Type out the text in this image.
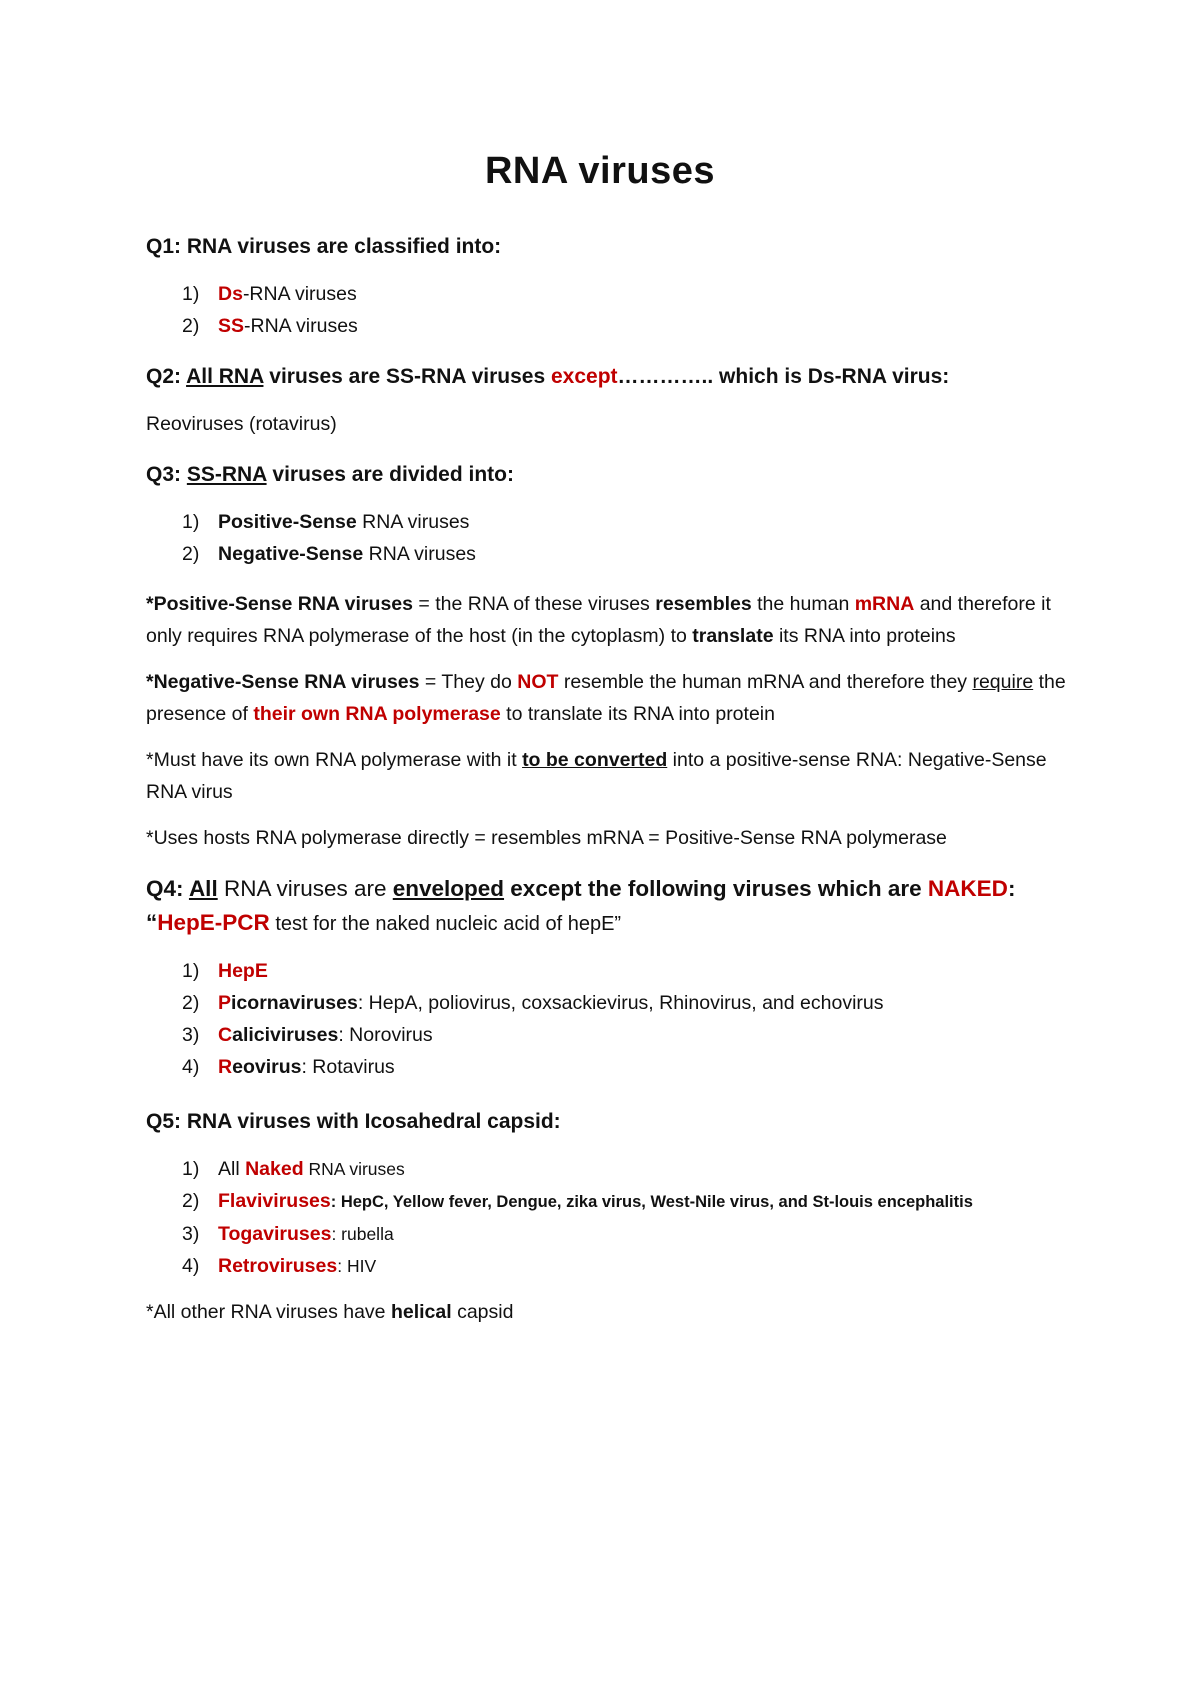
RNA viruses

Q1: RNA viruses are classified into:

1) Ds-RNA viruses
2) SS-RNA viruses

Q2: All RNA viruses are SS-RNA viruses except………….. which is Ds-RNA virus:

Reoviruses (rotavirus)

Q3: SS-RNA viruses are divided into:

1) Positive-Sense RNA viruses
2) Negative-Sense RNA viruses

*Positive-Sense RNA viruses = the RNA of these viruses resembles the human mRNA and therefore it only requires RNA polymerase of the host (in the cytoplasm) to translate its RNA into proteins

*Negative-Sense RNA viruses = They do NOT resemble the human mRNA and therefore they require the presence of their own RNA polymerase to translate its RNA into protein

*Must have its own RNA polymerase with it to be converted into a positive-sense RNA: Negative-Sense RNA virus

*Uses hosts RNA polymerase directly = resembles mRNA = Positive-Sense RNA polymerase

Q4: All RNA viruses are enveloped except the following viruses which are NAKED: “HepE-PCR test for the naked nucleic acid of hepE”

1) HepE
2) Picornaviruses: HepA, poliovirus, coxsackievirus, Rhinovirus, and echovirus
3) Caliciviruses: Norovirus
4) Reovirus: Rotavirus

Q5: RNA viruses with Icosahedral capsid:

1) All Naked RNA viruses
2) Flaviviruses: HepC, Yellow fever, Dengue, zika virus, West-Nile virus, and St-louis encephalitis
3) Togaviruses: rubella
4) Retroviruses: HIV

*All other RNA viruses have helical capsid
